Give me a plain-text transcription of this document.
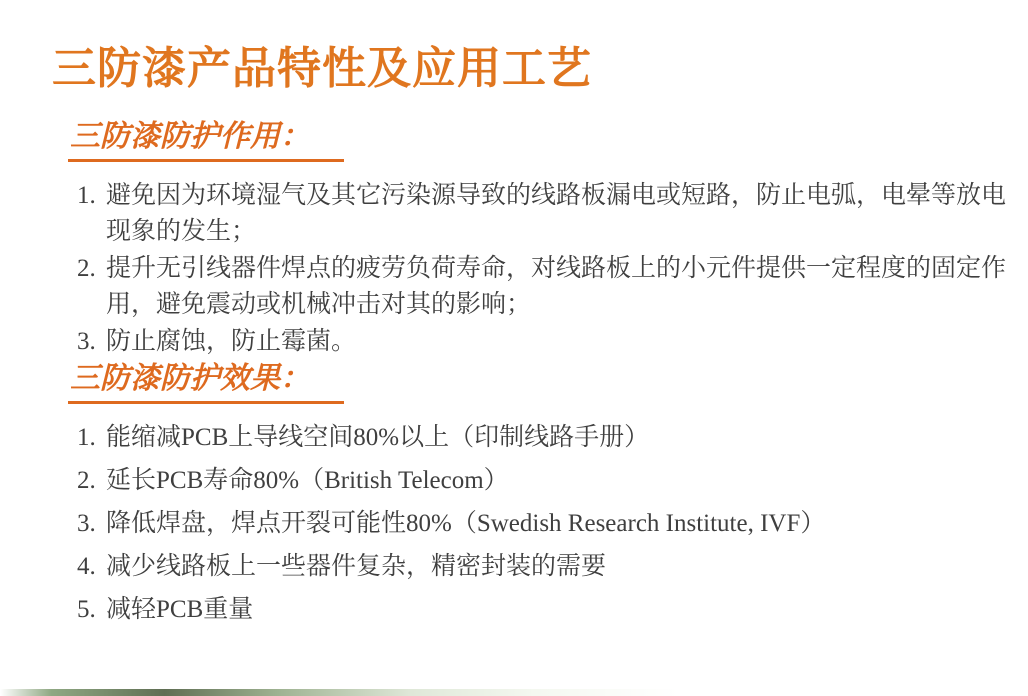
三防漆产品特性及应用工艺
三防漆防护作用：
1. 避免因为环境湿气及其它污染源导致的线路板漏电或短路，防止电弧，电晕等放电现象的发生；
2. 提升无引线器件焊点的疲劳负荷寿命，对线路板上的小元件提供一定程度的固定作用，避免震动或机械冲击对其的影响；
3. 防止腐蚀，防止霉菌。
三防漆防护效果：
1. 能缩减PCB上导线空间80%以上（印制线路手册）
2. 延长PCB寿命80%（British Telecom）
3. 降低焊盘，焊点开裂可能性80%（Swedish Research Institute, IVF）
4. 减少线路板上一些器件复杂，精密封装的需要
5. 减轻PCB重量
